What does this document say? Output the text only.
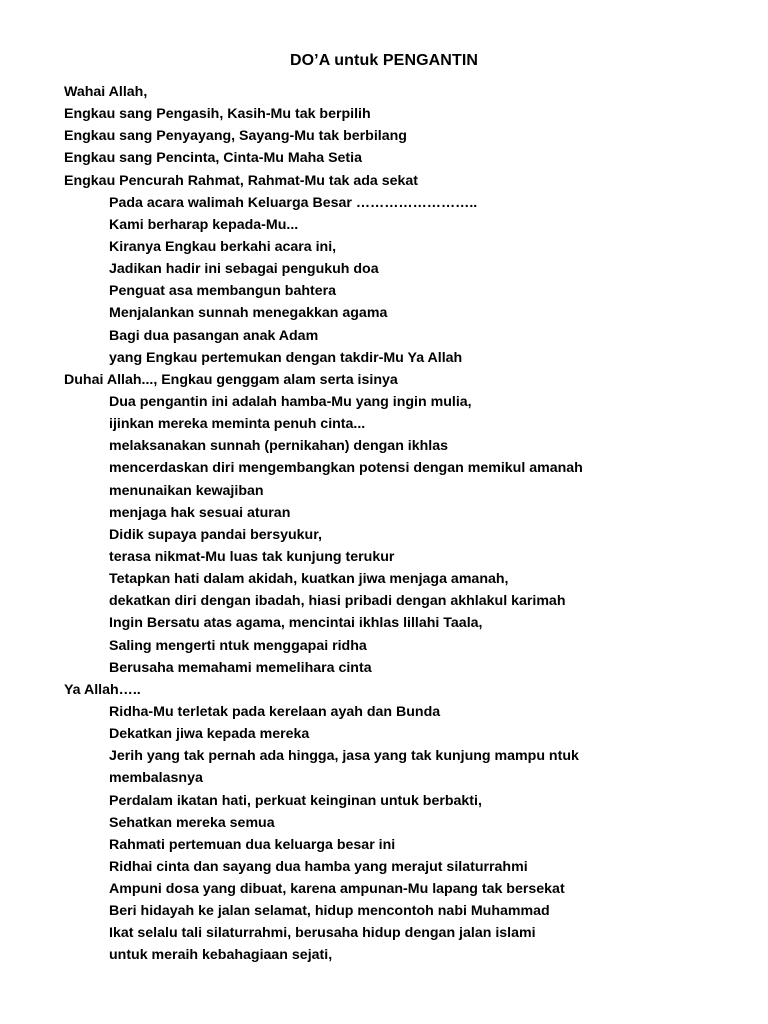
DO’A untuk PENGANTIN
Wahai Allah,
Engkau sang Pengasih, Kasih-Mu tak berpilih
Engkau sang Penyayang, Sayang-Mu tak berbilang
Engkau sang Pencinta, Cinta-Mu Maha Setia
Engkau Pencurah Rahmat, Rahmat-Mu tak ada sekat
Pada acara walimah Keluarga Besar ……………………..
Kami berharap kepada-Mu...
Kiranya Engkau berkahi acara ini,
Jadikan hadir ini sebagai pengukuh doa
Penguat asa membangun bahtera
Menjalankan sunnah menegakkan agama
Bagi dua pasangan anak Adam
yang Engkau pertemukan dengan takdir-Mu Ya Allah
Duhai Allah..., Engkau genggam alam serta isinya
Dua pengantin ini adalah hamba-Mu yang ingin mulia,
ijinkan mereka meminta penuh cinta...
melaksanakan sunnah (pernikahan) dengan ikhlas
mencerdaskan diri mengembangkan potensi dengan memikul amanah
menunaikan kewajiban
menjaga hak sesuai aturan
Didik supaya pandai bersyukur,
terasa nikmat-Mu luas tak kunjung terukur
Tetapkan hati dalam akidah, kuatkan jiwa menjaga amanah,
dekatkan diri dengan ibadah, hiasi pribadi dengan akhlakul karimah
Ingin Bersatu atas agama, mencintai ikhlas lillahi Taala,
Saling mengerti ntuk menggapai ridha
Berusaha memahami memelihara cinta
Ya Allah…..
Ridha-Mu terletak pada kerelaan ayah dan Bunda
Dekatkan jiwa kepada mereka
Jerih yang tak pernah ada hingga, jasa yang tak kunjung mampu ntuk
membalasnya
Perdalam ikatan hati, perkuat keinginan untuk berbakti,
Sehatkan mereka semua
Rahmati pertemuan dua keluarga besar ini
Ridhai cinta dan sayang dua hamba yang merajut silaturrahmi
Ampuni dosa yang dibuat, karena ampunan-Mu lapang tak bersekat
Beri hidayah ke jalan selamat, hidup mencontoh nabi Muhammad
Ikat selalu tali silaturrahmi, berusaha hidup dengan jalan islami
untuk meraih kebahagiaan sejati,
